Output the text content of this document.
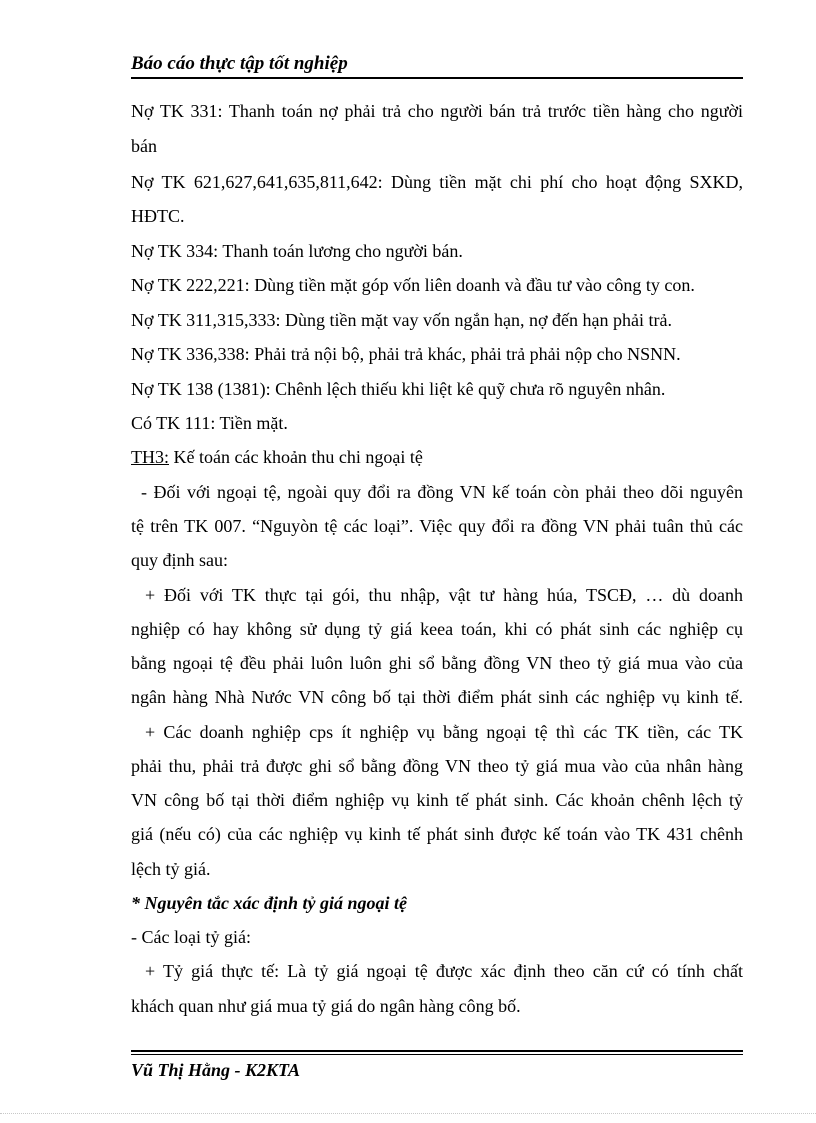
Báo cáo thực tập tốt nghiệp
Nợ TK 331: Thanh toán nợ phải trả cho người bán trả trước tiền hàng cho người
bán
Nợ TK 621,627,641,635,811,642: Dùng tiền mặt chi phí cho hoạt động SXKD,
HĐTC.
Nợ TK 334: Thanh toán lương cho người bán.
Nợ TK 222,221: Dùng tiền mặt góp vốn liên doanh và đầu tư vào công ty con.
Nợ TK 311,315,333: Dùng tiền mặt vay vốn ngắn hạn, nợ đến hạn phải trả.
Nợ TK 336,338: Phải trả nội bộ, phải trả khác, phải trả phải nộp cho NSNN.
Nợ TK 138 (1381): Chênh lệch thiếu khi liệt kê quỹ chưa rõ nguyên nhân.
Có TK 111: Tiền mặt.
TH3: Kế toán các khoản thu chi ngoại tệ
- Đối với ngoại tệ, ngoài quy đổi ra đồng VN kế toán còn phải theo dõi nguyên
tệ trên TK 007. “Nguyòn tệ các loại”. Việc quy đổi ra đồng VN phải tuân thủ các
quy định sau:
+ Đối với TK thực tại gói, thu nhập, vật tư hàng húa, TSCĐ, … dù doanh
nghiệp có hay không sử dụng tỷ giá keea toán, khi có phát sinh các nghiệp cụ
bằng ngoại tệ đều phải luôn luôn ghi sổ bằng đồng VN theo tỷ giá mua vào của
ngân hàng Nhà Nước VN công bố tại thời điểm phát sinh các nghiệp vụ kinh tế.
+ Các doanh nghiệp cps ít nghiệp vụ bằng ngoại tệ thì các TK tiền, các TK
phải thu, phải trả được ghi sổ bằng đồng VN theo tỷ giá mua vào của nhân hàng
VN công bố tại thời điểm nghiệp vụ kinh tế phát sinh. Các khoản chênh lệch tỷ
giá (nếu có) của các nghiệp vụ kinh tế phát sinh được kế toán vào TK 431 chênh
lệch tỷ giá.
* Nguyên tắc xác định tỷ giá ngoại tệ
- Các loại tỷ giá:
+ Tỷ giá thực tế: Là tỷ giá ngoại tệ được xác định theo căn cứ có tính chất
khách quan như giá mua tỷ giá do ngân hàng công bố.
Vũ Thị Hằng - K2KTA
